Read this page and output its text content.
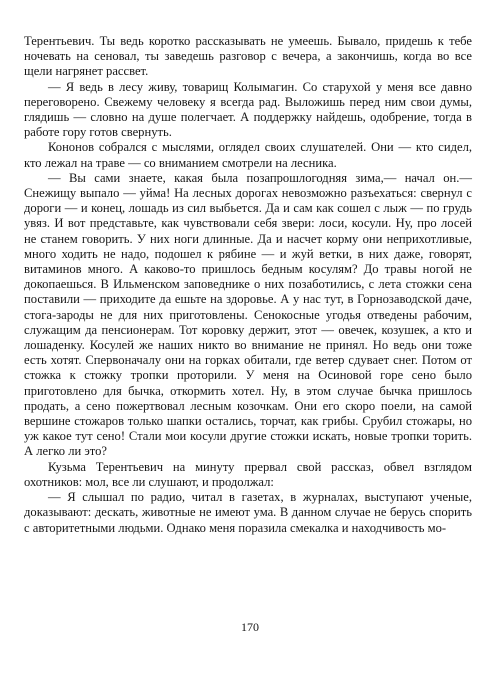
Терентьевич. Ты ведь коротко рассказывать не умеешь. Бывало, придешь к тебе ночевать на сеновал, ты заведешь разговор с вечера, а закончишь, когда во все щели нагрянет рассвет.

— Я ведь в лесу живу, товарищ Колымагин. Со старухой у меня все давно переговорено. Свежему человеку я всегда рад. Выложишь перед ним свои думы, глядишь — словно на душе полегчает. А поддержку найдешь, одобрение, тогда в работе гору готов свернуть.

Кононов собрался с мыслями, оглядел своих слушателей. Они — кто сидел, кто лежал на траве — со вниманием смотрели на лесника.

— Вы сами знаете, какая была позапрошлогодняя зима,— начал он.— Снежищу выпало — уйма! На лесных дорогах невозможно разъехаться: свернул с дороги — и конец, лошадь из сил выбьется. Да и сам как сошел с лыж — по грудь увяз. И вот представьте, как чувствовали себя звери: лоси, косули. Ну, про лосей не станем говорить. У них ноги длинные. Да и насчет корму они неприхотливые, много ходить не надо, подошел к рябине — и жуй ветки, в них даже, говорят, витаминов много. А каково-то пришлось бедным косулям? До травы ногой не докопаешься. В Ильменском заповеднике о них позаботились, с лета стожки сена поставили — приходите да ешьте на здоровье. А у нас тут, в Горнозаводской даче, стога-зароды не для них приготовлены. Сенокосные угодья отведены рабочим, служащим да пенсионерам. Тот коровку держит, этот — овечек, козушек, а кто и лошаденку. Косулей же наших никто во внимание не принял. Но ведь они тоже есть хотят. Спервоначалу они на горках обитали, где ветер сдувает снег. Потом от стожка к стожку тропки проторили. У меня на Осиновой горе сено было приготовлено для бычка, откормить хотел. Ну, в этом случае бычка пришлось продать, а сено пожертвовал лесным козочкам. Они его скоро поели, на самой вершине стожаров только шапки остались, торчат, как грибы. Срубил стожары, но уж какое тут сено! Стали мои косули другие стожки искать, новые тропки торить. А легко ли это?

Кузьма Терентьевич на минуту прервал свой рассказ, обвел взглядом охотников: мол, все ли слушают, и продолжал:

— Я слышал по радио, читал в газетах, в журналах, выступают ученые, доказывают: дескать, животные не имеют ума. В данном случае не берусь спорить с авторитетными людьми. Однако меня поразила смекалка и находчивость мо-

170
